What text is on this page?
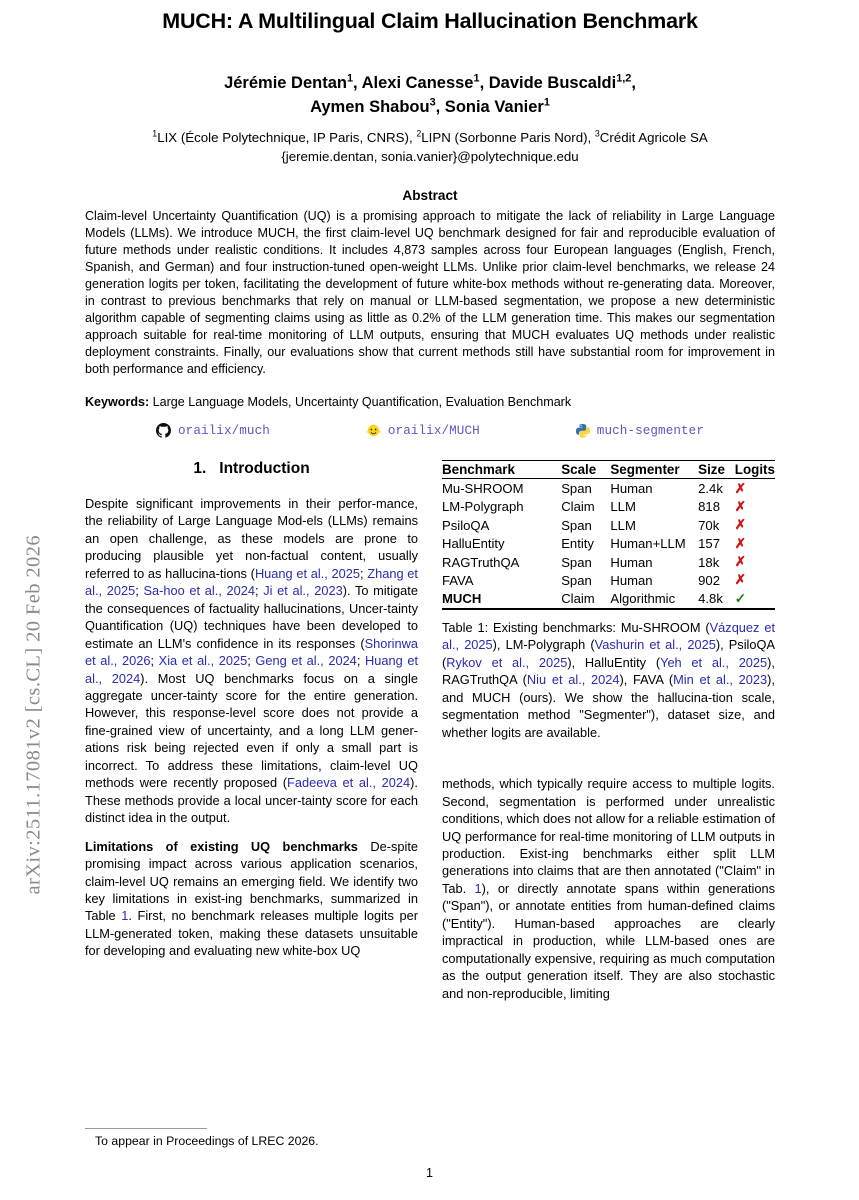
arXiv:2511.17081v2 [cs.CL] 20 Feb 2026
MUCH: A Multilingual Claim Hallucination Benchmark
Jérémie Dentan$^1$, Alexi Canesse$^1$, Davide Buscaldi$^{1,2}$,
Aymen Shabou$^3$, Sonia Vanier$^1$
$^1$LIX (École Polytechnique, IP Paris, CNRS), $^2$LIPN (Sorbonne Paris Nord), $^3$Crédit Agricole SA
{jeremie.dentan, sonia.vanier}@polytechnique.edu
Abstract
Claim-level Uncertainty Quantification (UQ) is a promising approach to mitigate the lack of reliability in Large Language Models (LLMs). We introduce MUCH, the first claim-level UQ benchmark designed for fair and reproducible evaluation of future methods under realistic conditions. It includes 4,873 samples across four European languages (English, French, Spanish, and German) and four instruction-tuned open-weight LLMs. Unlike prior claim-level benchmarks, we release 24 generation logits per token, facilitating the development of future white-box methods without re-generating data. Moreover, in contrast to previous benchmarks that rely on manual or LLM-based segmentation, we propose a new deterministic algorithm capable of segmenting claims using as little as 0.2% of the LLM generation time. This makes our segmentation approach suitable for real-time monitoring of LLM outputs, ensuring that MUCH evaluates UQ methods under realistic deployment constraints. Finally, our evaluations show that current methods still have substantial room for improvement in both performance and efficiency.
Keywords: Large Language Models, Uncertainty Quantification, Evaluation Benchmark
orailix/much	orailix/MUCH	much-segmenter
1. Introduction

Despite significant improvements in their perfor-mance, the reliability of Large Language Mod-els (LLMs) remains an open challenge, as these models are prone to producing plausible yet non-factual content, usually referred to as hallucina-tions (Huang et al., 2025; Zhang et al., 2025; Sa-hoo et al., 2024; Ji et al., 2023). To mitigate the consequences of factuality hallucinations, Uncer-tainty Quantification (UQ) techniques have been developed to estimate an LLM's confidence in its responses (Shorinwa et al., 2026; Xia et al., 2025; Geng et al., 2024; Huang et al., 2024). Most UQ benchmarks focus on a single aggregate uncer-tainty score for the entire generation. However, this response-level score does not provide a fine-grained view of uncertainty, and a long LLM gener-ations risk being rejected even if only a small part is incorrect. To address these limitations, claim-level UQ methods were recently proposed (Fadeeva et al., 2024). These methods provide a local uncer-tainty score for each distinct idea in the output.

Limitations of existing UQ benchmarks De-spite promising impact across various application scenarios, claim-level UQ remains an emerging field. We identify two key limitations in exist-ing benchmarks, summarized in Table 1. First, no benchmark releases multiple logits per LLM-generated token, making these datasets unsuitable for developing and evaluating new white-box UQ

Benchmark	Scale	Segmenter	Size	Logits
Mu-SHROOM	Span	Human	2.4k	✗
LM-Polygraph	Claim	LLM	818	✗
PsiloQA	Span	LLM	70k	✗
HalluEntity	Entity	Human+LLM	157	✗
RAGTruthQA	Span	Human	18k	✗
FAVA	Span	Human	902	✗
MUCH	Claim	Algorithmic	4.8k	✓
Table 1: Existing benchmarks: Mu-SHROOM (Vázquez et al., 2025), LM-Polygraph (Vashurin et al., 2025), PsiloQA (Rykov et al., 2025), HalluEntity (Yeh et al., 2025), RAGTruthQA (Niu et al., 2024), FAVA (Min et al., 2023), and MUCH (ours). We show the hallucina-tion scale, segmentation method "Segmenter"), dataset size, and whether logits are available.

methods, which typically require access to multiple logits. Second, segmentation is performed under unrealistic conditions, which does not allow for a reliable estimation of UQ performance for real-time monitoring of LLM outputs in production. Exist-ing benchmarks either split LLM generations into claims that are then annotated ("Claim" in Tab. 1), or directly annotate spans within generations ("Span"), or annotate entities from human-defined claims ("Entity"). Human-based approaches are clearly impractical in production, while LLM-based ones are computationally expensive, requiring as much computation as the output generation itself. They are also stochastic and non-reproducible, limiting

To appear in Proceedings of LREC 2026.
1
